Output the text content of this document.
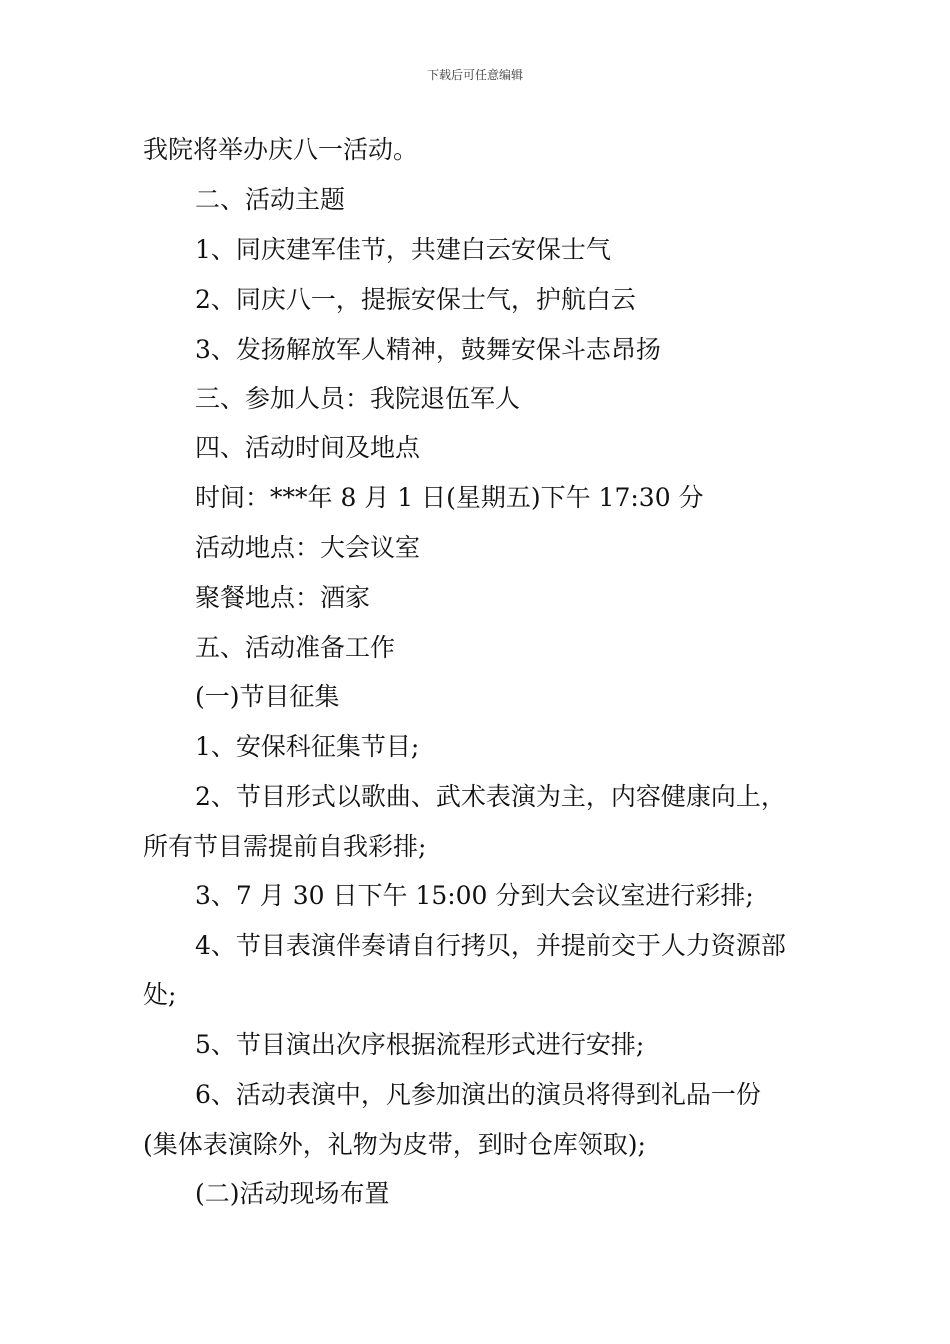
下载后可任意编辑
我院将举办庆八一活动。
二、活动主题
1、同庆建军佳节，共建白云安保士气
2、同庆八一，提振安保士气，护航白云
3、发扬解放军人精神，鼓舞安保斗志昂扬
三、参加人员：我院退伍军人
四、活动时间及地点
时间：***年 8 月 1 日(星期五)下午 17:30 分
活动地点：大会议室
聚餐地点：酒家
五、活动准备工作
(一)节目征集
1、安保科征集节目;
2、节目形式以歌曲、武术表演为主，内容健康向上，
所有节目需提前自我彩排;
3、7 月 30 日下午 15:00 分到大会议室进行彩排;
4、节目表演伴奏请自行拷贝，并提前交于人力资源部
处;
5、节目演出次序根据流程形式进行安排;
6、活动表演中，凡参加演出的演员将得到礼品一份
(集体表演除外，礼物为皮带，到时仓库领取);
(二)活动现场布置
